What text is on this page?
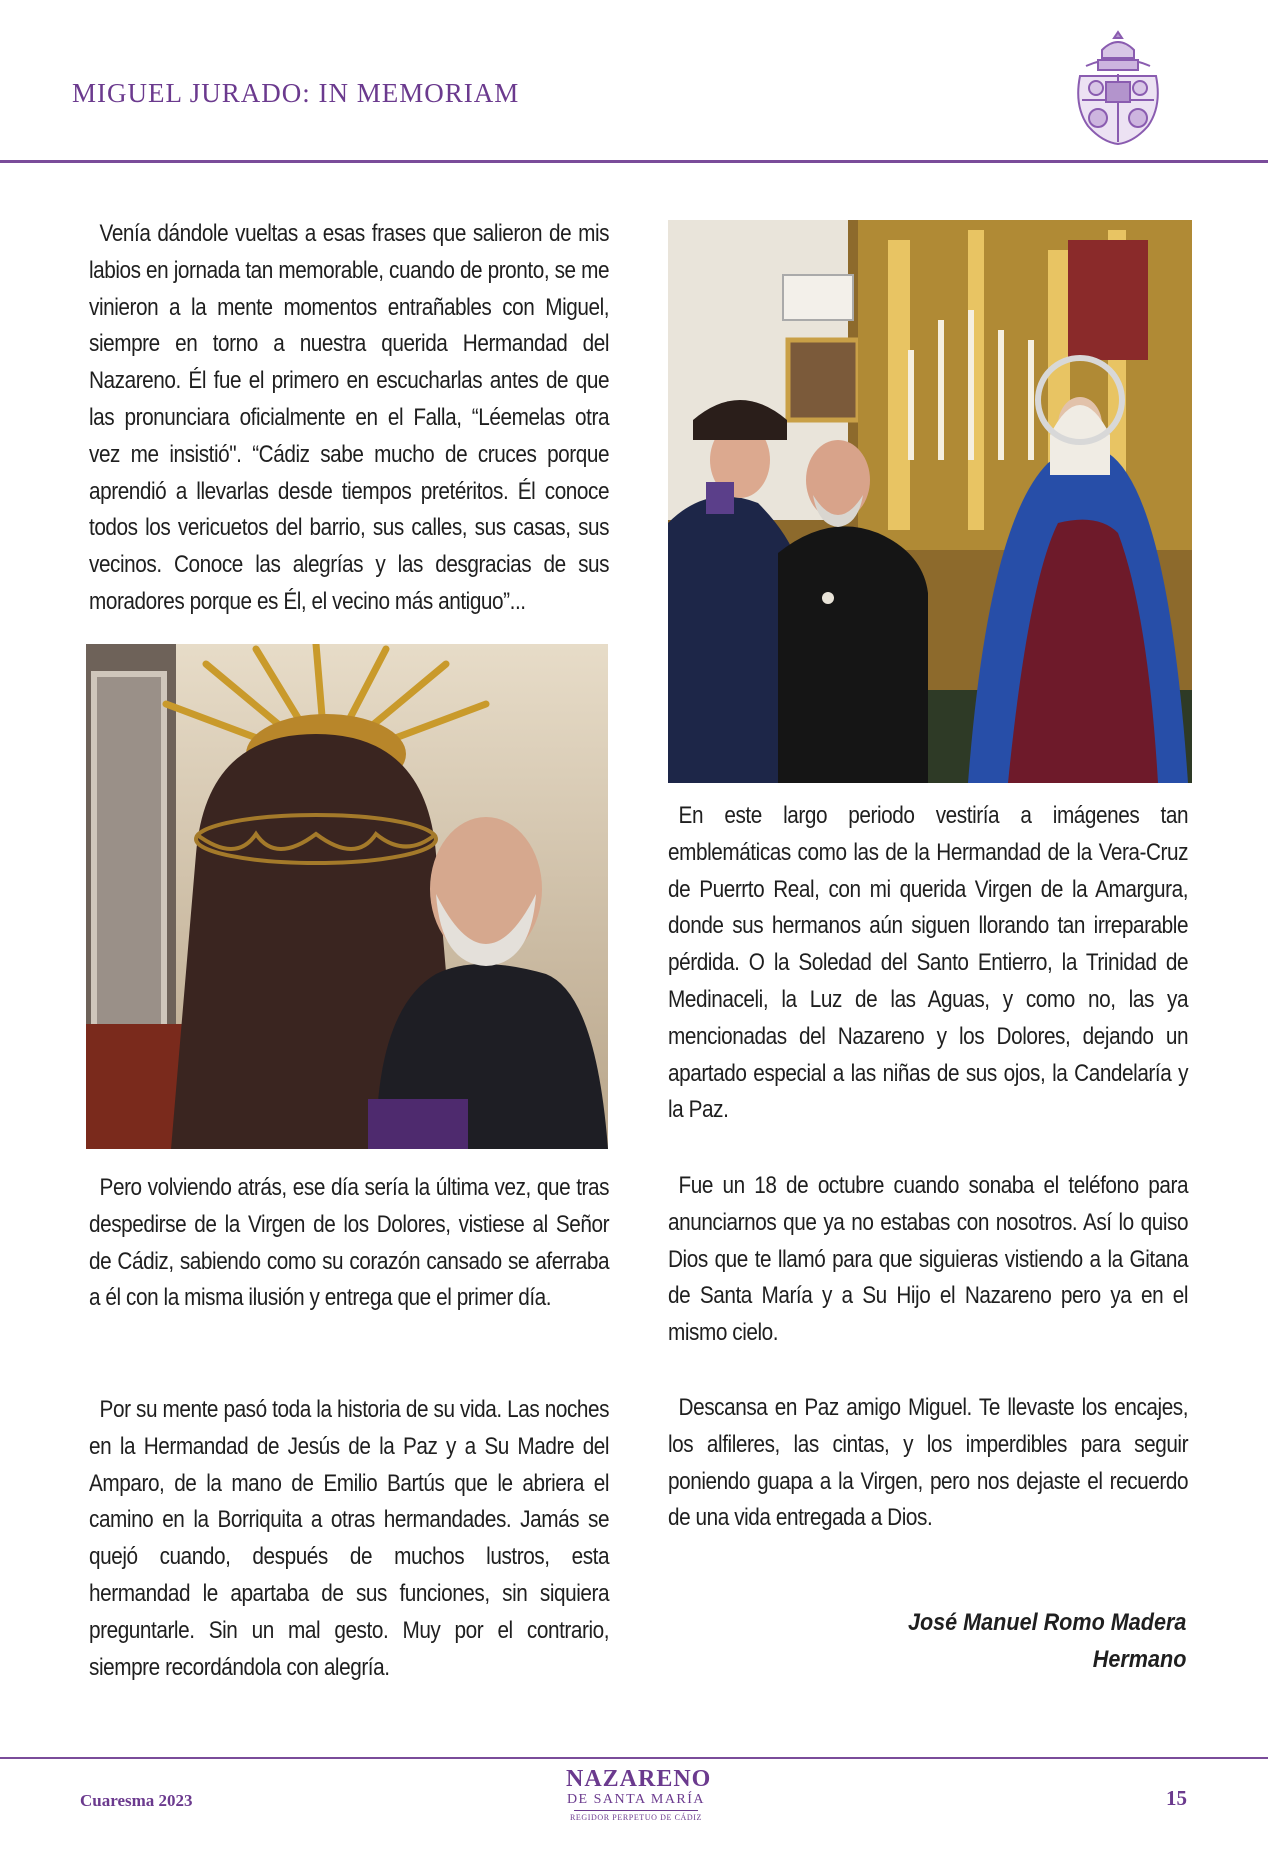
MIGUEL JURADO: IN MEMORIAM

Venía dándole vueltas a esas frases que salieron de mis labios en jornada tan memorable, cuando de pronto, se me vinieron a la mente momentos entrañables con Miguel, siempre en torno a nuestra querida Hermandad del Nazareno. Él fue el primero en escucharlas antes de que las pronunciara oficialmente en el Falla, “Léemelas otra vez me insistió". “Cádiz sabe mucho de cruces porque aprendió a llevarlas desde tiempos pretéritos. Él conoce todos los vericuetos del barrio, sus calles, sus casas, sus vecinos. Conoce las alegrías y las desgracias de sus moradores porque es Él, el vecino más antiguo”...

Pero volviendo atrás, ese día sería la última vez, que tras despedirse de la Virgen de los Dolores, vistiese al Señor de Cádiz, sabiendo como su corazón cansado se aferraba a él con la misma ilusión y entrega que el primer día.

Por su mente pasó toda la historia de su vida. Las noches en la Hermandad de Jesús de la Paz y a Su Madre del Amparo, de la mano de Emilio Bartús que le abriera el camino en la Borriquita a otras hermandades. Jamás se quejó cuando, después de muchos lustros, esta hermandad le apartaba de sus funciones, sin siquiera preguntarle. Sin un mal gesto. Muy por el contrario, siempre recordándola con alegría.

En este largo periodo vestiría a imágenes tan emblemáticas como las de la Hermandad de la Vera-Cruz de Puerrto Real, con mi querida Virgen de la Amargura, donde sus hermanos aún siguen llorando tan irreparable pérdida. O la Soledad del Santo Entierro, la Trinidad de Medinaceli, la Luz de las Aguas, y como no, las ya mencionadas del Nazareno y los Dolores, dejando un apartado especial a las niñas de sus ojos, la Candelaría y la Paz.

Fue un 18 de octubre cuando sonaba el teléfono para anunciarnos que ya no estabas con nosotros. Así lo quiso Dios que te llamó para que siguieras vistiendo a la Gitana de Santa María y a Su Hijo el Nazareno pero ya en el mismo cielo.

Descansa en Paz amigo Miguel. Te llevaste los encajes, los alfileres, las cintas, y los imperdibles para seguir poniendo guapa a la Virgen, pero nos dejaste el recuerdo de una vida entregada a Dios.

José Manuel Romo Madera
Hermano
Cuaresma 2023
NAZARENO
DE SANTA MARÍA
REGIDOR PERPETUO DE CÁDIZ
15
